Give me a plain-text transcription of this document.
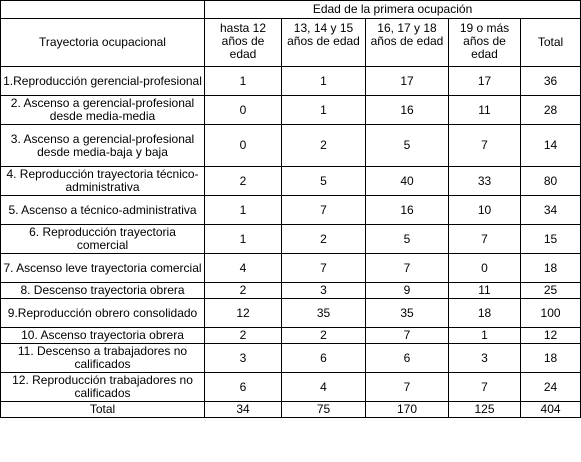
	Edad de la primera ocupación				
Trayectoria ocupacional	hasta 12 años de edad	13, 14 y 15 años de edad	16, 17 y 18 años de edad	19 o más años de edad	Total
1.Reproducción gerencial-profesional	1	1	17	17	36
2. Ascenso a gerencial-profesional desde media-media	0	1	16	11	28
3. Ascenso a gerencial-profesional desde media-baja y baja	0	2	5	7	14
4. Reproducción trayectoria técnico-administrativa	2	5	40	33	80
5. Ascenso a técnico-administrativa	1	7	16	10	34
6. Reproducción trayectoria comercial	1	2	5	7	15
7. Ascenso leve trayectoria comercial	4	7	7	0	18
8. Descenso trayectoria obrera	2	3	9	11	25
9.Reproducción obrero consolidado	12	35	35	18	100
10. Ascenso trayectoria obrera	2	2	7	1	12
11. Descenso a trabajadores no calificados	3	6	6	3	18
12. Reproducción trabajadores no calificados	6	4	7	7	24
Total	34	75	170	125	404
